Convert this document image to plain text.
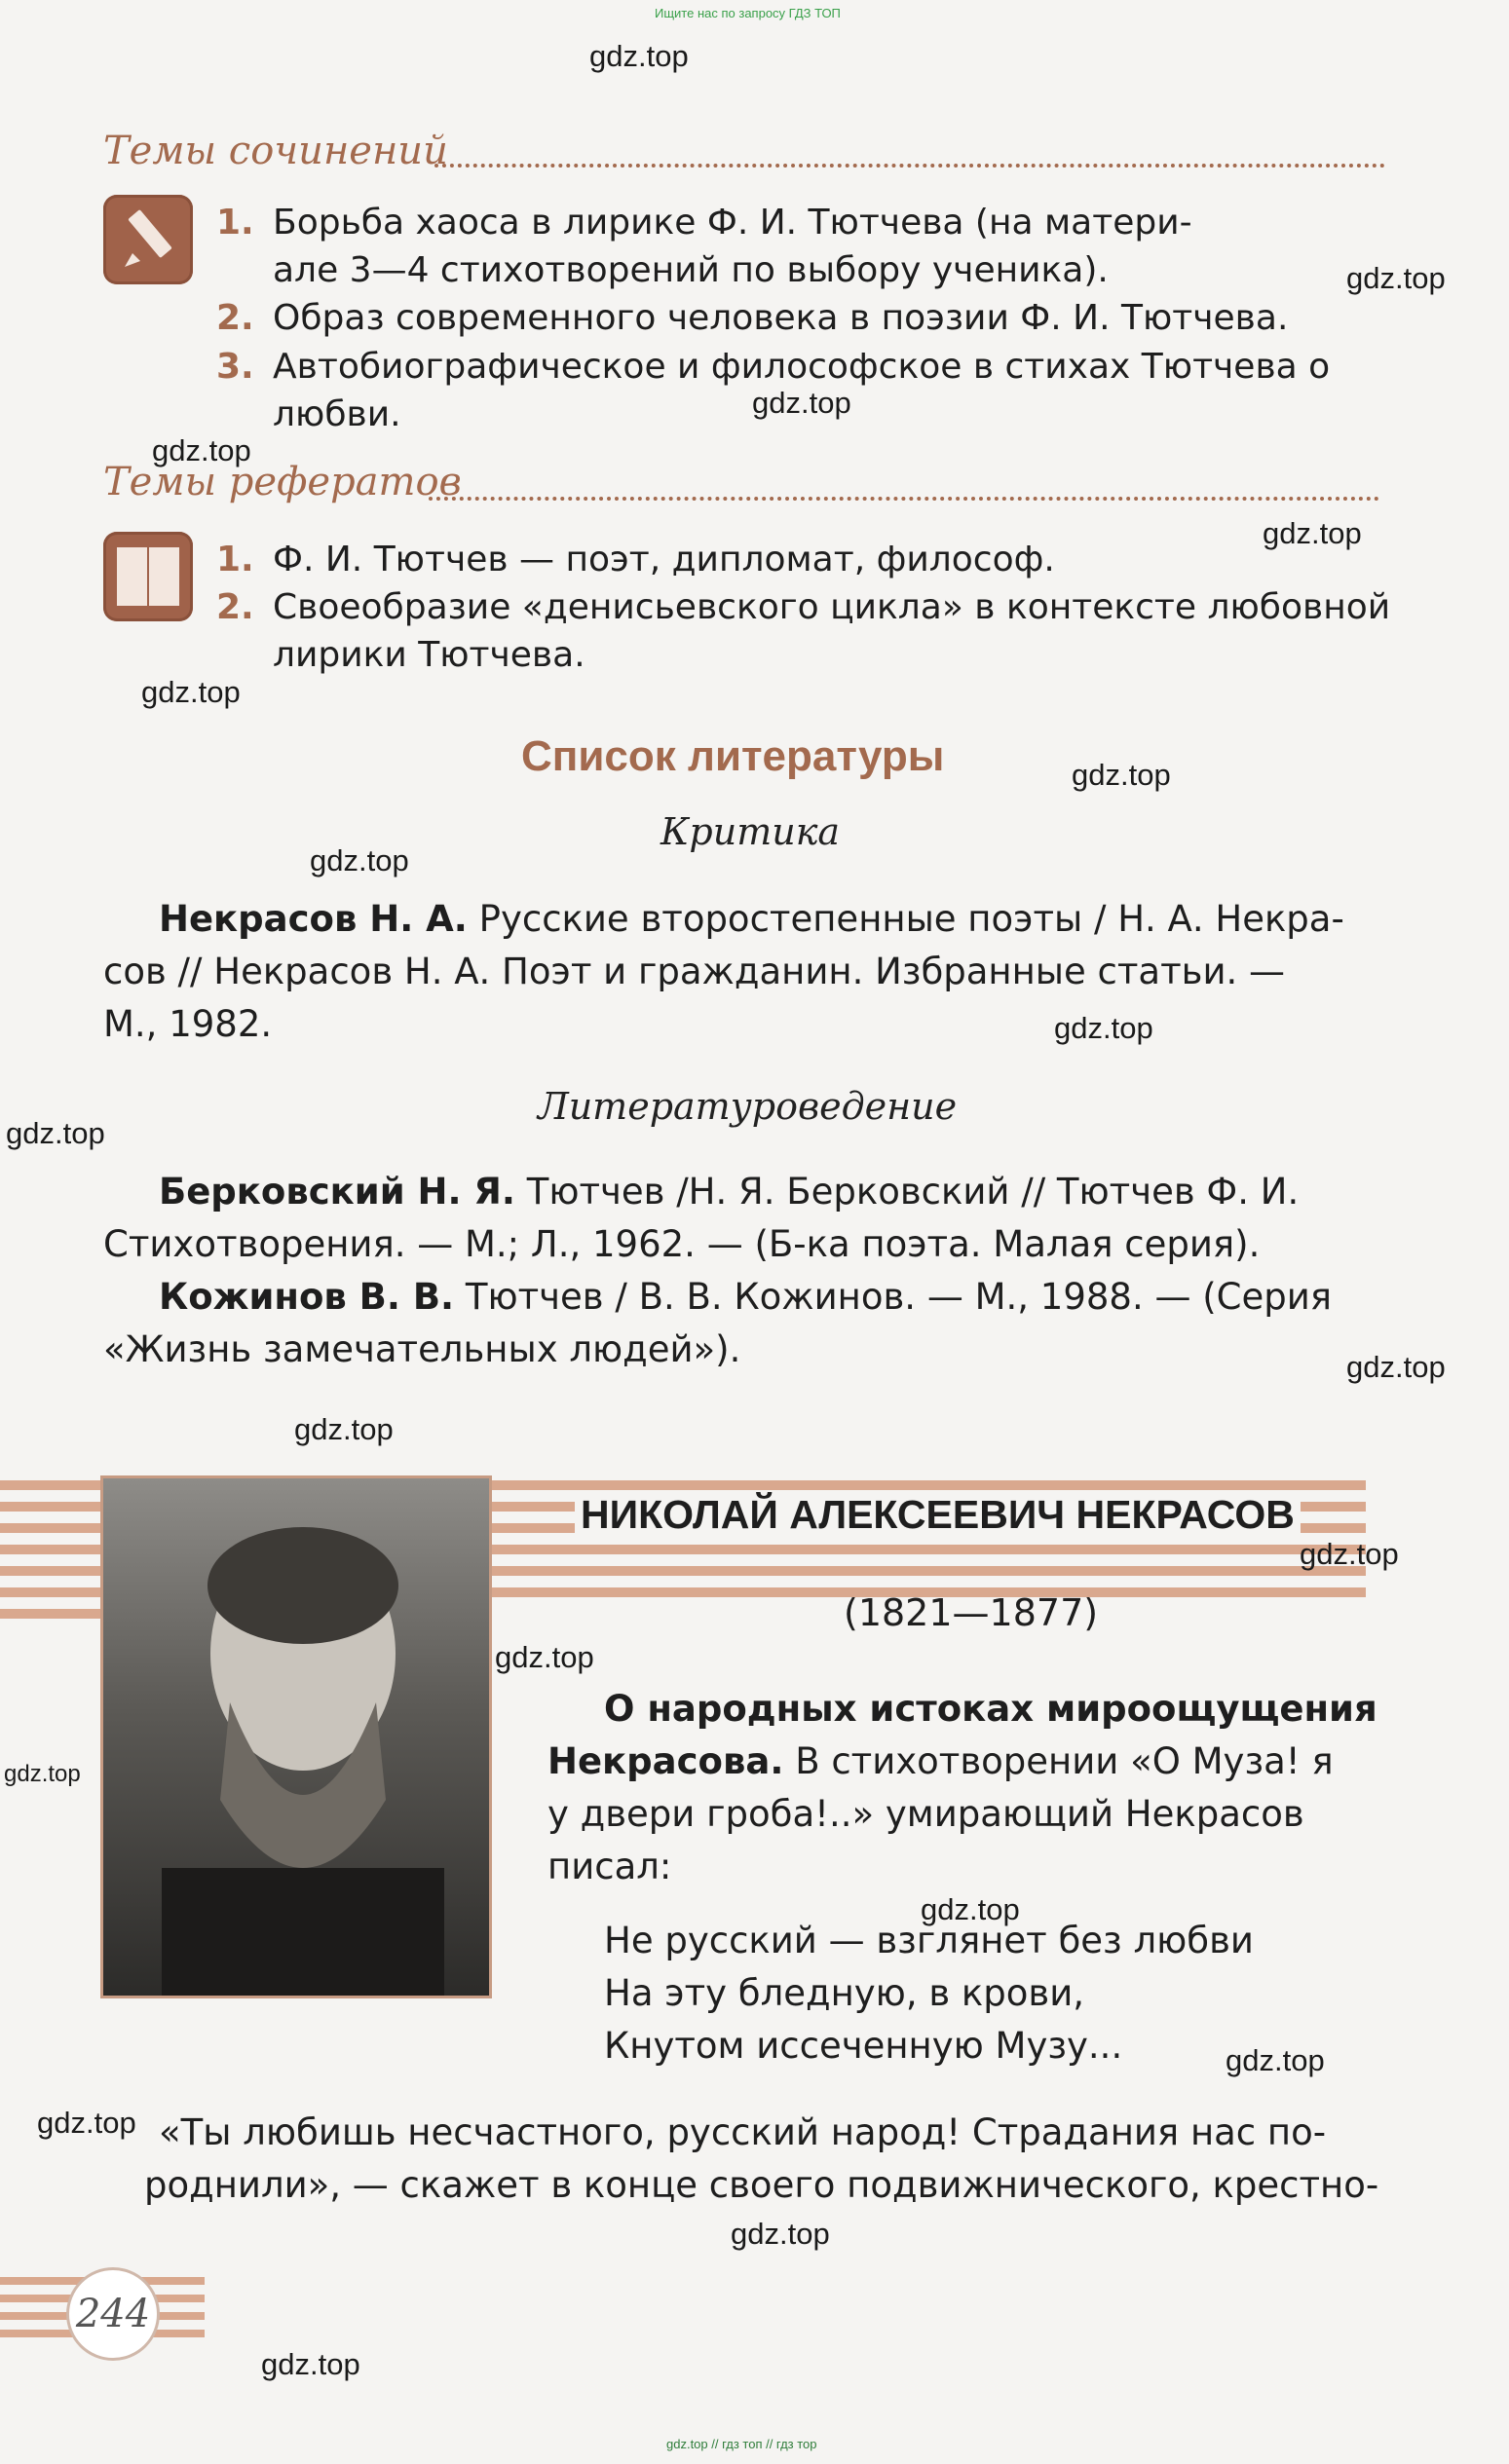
Ищите нас по запросу ГДЗ ТОП
gdz.top // гдз топ // гдз тор
Темы сочинений
1. Борьба хаоса в лирике Ф. И. Тютчева (на матери-
але 3—4 стихотворений по выбору ученика).
2. Образ современного человека в поэзии Ф. И. Тютчева.
3. Автобиографическое и философское в стихах Тютчева о
любви.
Темы рефератов
1. Ф. И. Тютчев — поэт, дипломат, философ.
2. Своеобразие «денисьевского цикла» в контексте любовной
лирики Тютчева.
Список литературы
Критика
Некрасов Н. А. Русские второстепенные поэты / Н. А. Некра-
сов // Некрасов Н. А. Поэт и гражданин. Избранные статьи. —
М., 1982.
Литературоведение
Берковский Н. Я. Тютчев /Н. Я. Берковский // Тютчев Ф. И.
Стихотворения. — М.; Л., 1962. — (Б-ка поэта. Малая серия).
Кожинов В. В. Тютчев / В. В. Кожинов. — М., 1988. — (Серия
«Жизнь замечательных людей»).
НИКОЛАЙ АЛЕКСЕЕВИЧ НЕКРАСОВ
(1821—1877)
О народных истоках мироощущения
Некрасова. В стихотворении «О Муза! я
у двери гроба!..» умирающий Некрасов
писал:
Не русский — взглянет без любви
На эту бледную, в крови,
Кнутом иссеченную Музу...
«Ты любишь несчастного, русский народ! Страдания нас по-
роднили», — скажет в конце своего подвижнического, крестно-
244
gdz.top
gdz.top
gdz.top
gdz.top
gdz.top
gdz.top
gdz.top
gdz.top
gdz.top
gdz.top
gdz.top
gdz.top
gdz.top
gdz.top
gdz.top
gdz.top
gdz.top
gdz.top
gdz.top
gdz.top
